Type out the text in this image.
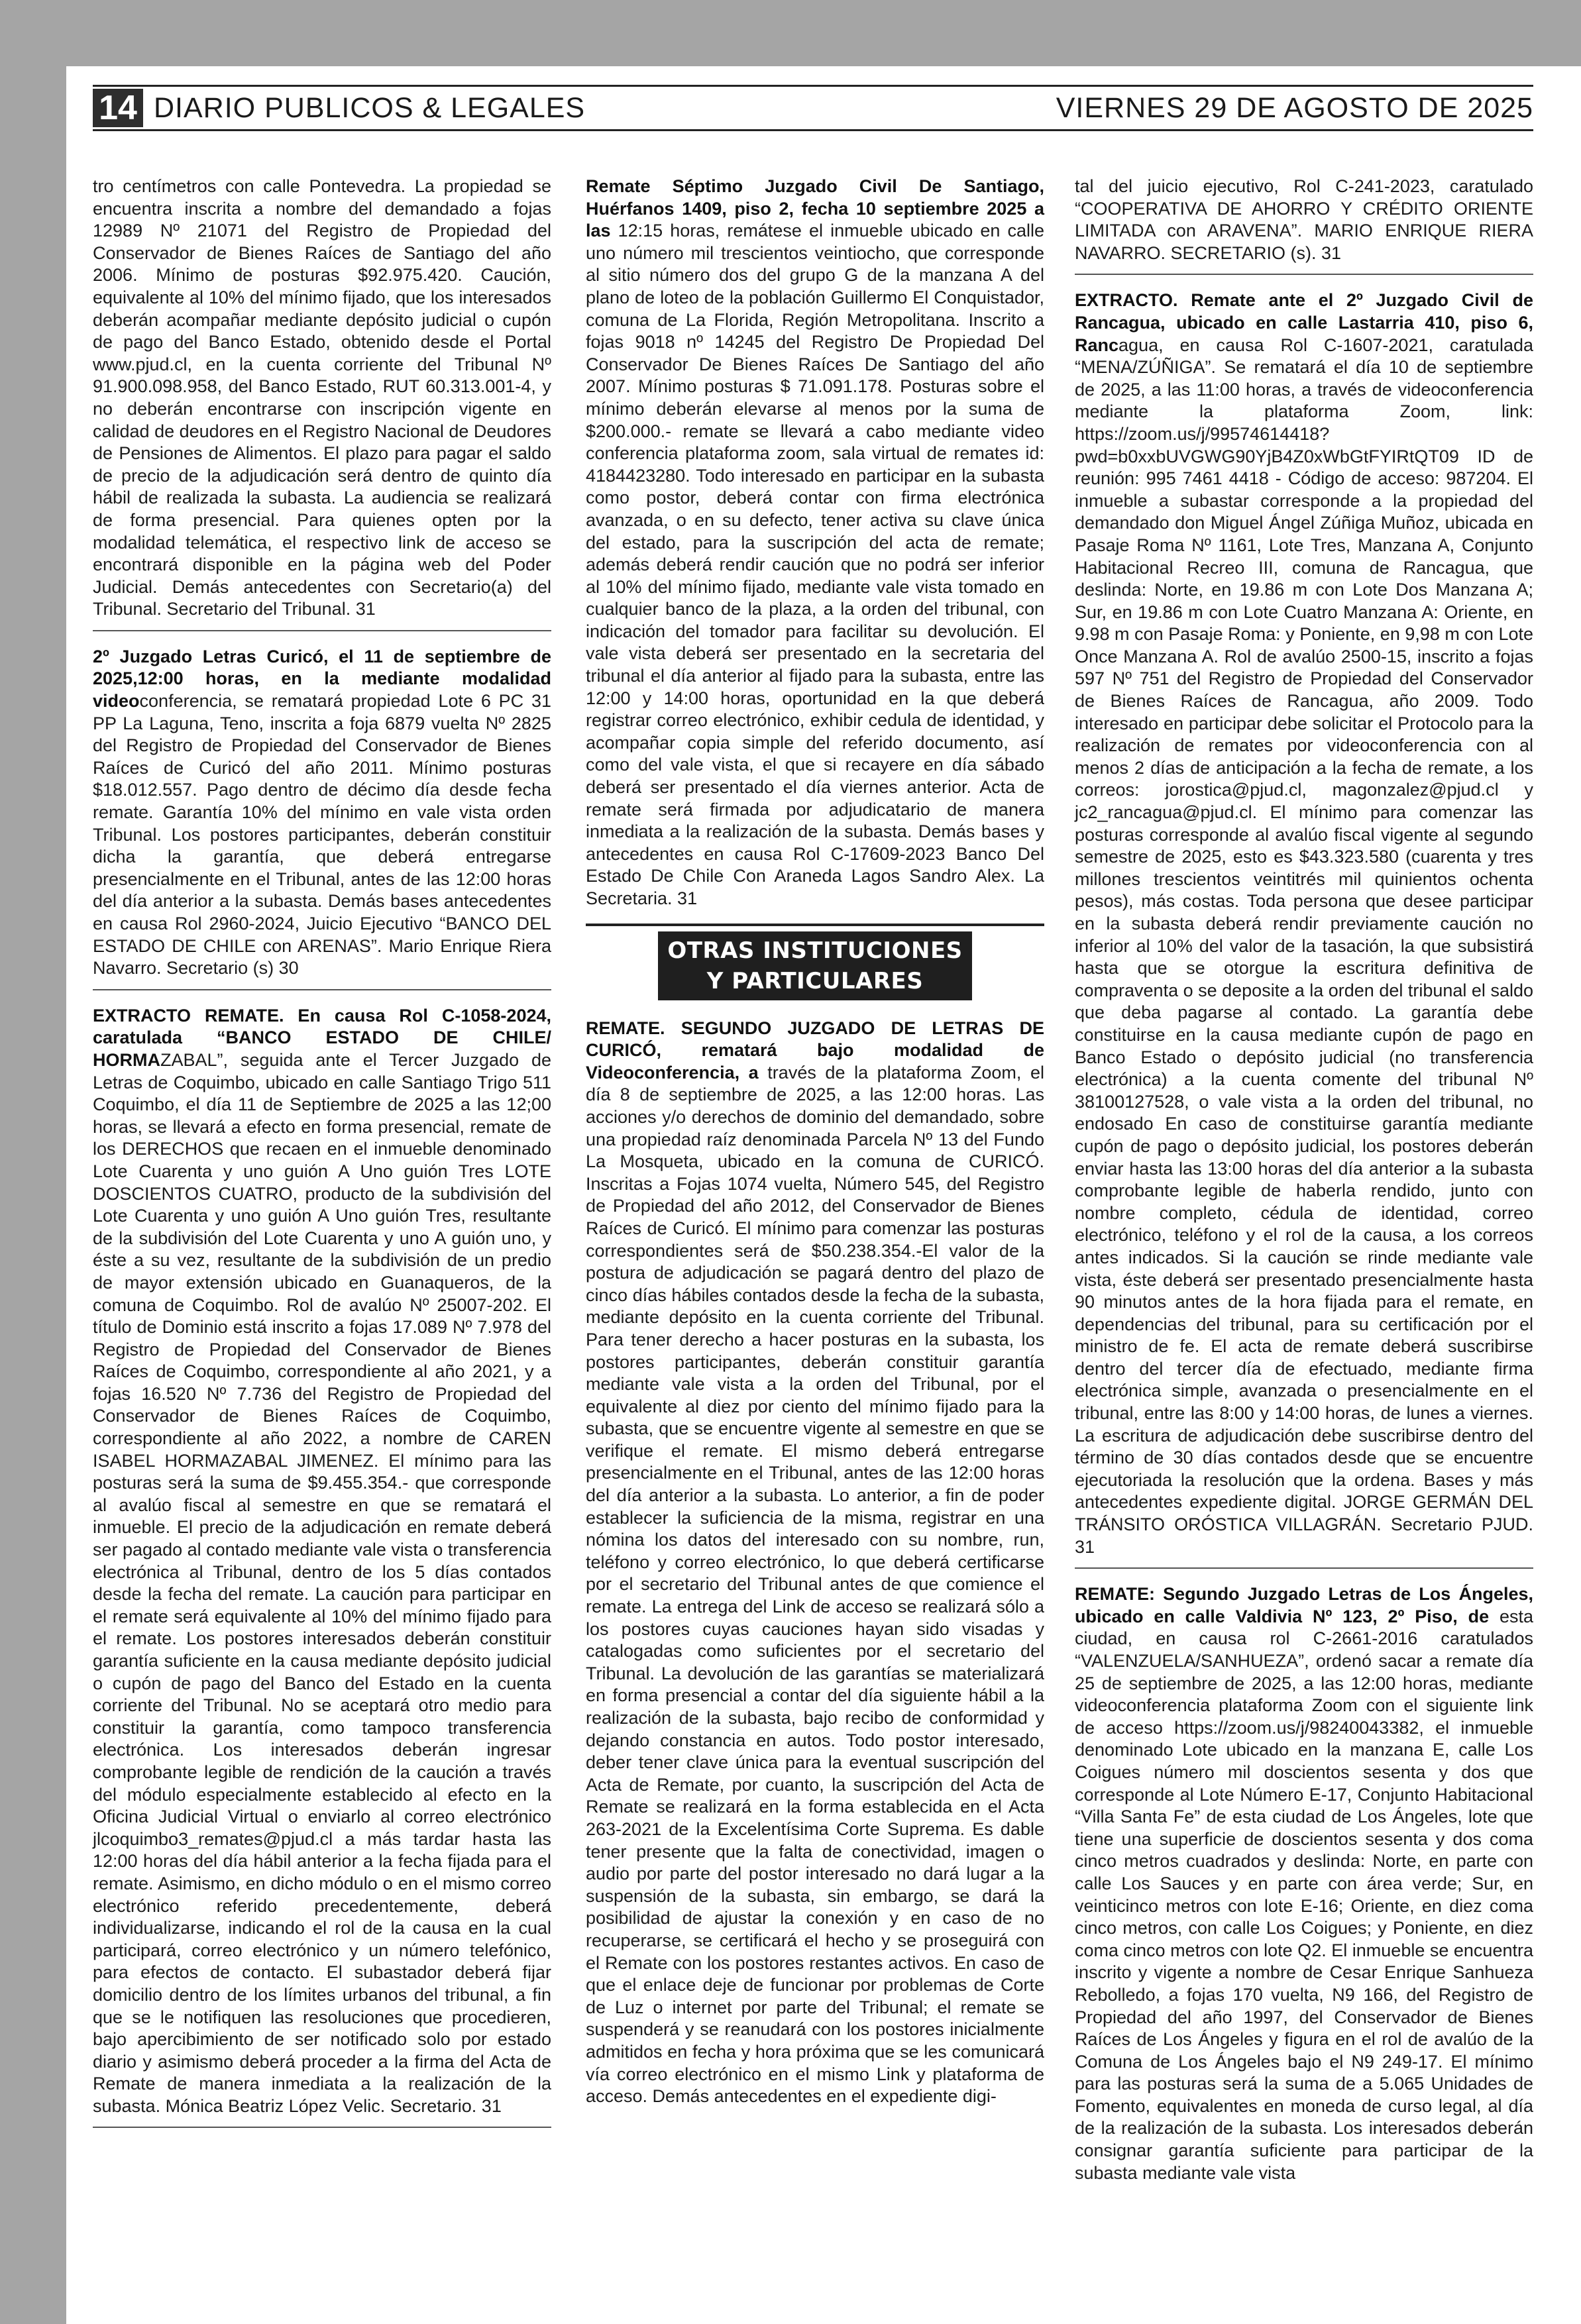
14 DIARIO PUBLICOS & LEGALES	VIERNES 29 DE AGOSTO DE 2025

tro centímetros con calle Pontevedra. La propiedad se encuentra inscrita a nombre del demandado a fojas 12989 Nº 21071 del Registro de Propiedad del Conservador de Bienes Raíces de Santiago del año 2006. Mínimo de posturas $92.975.420. Caución, equivalente al 10% del mínimo fijado, que los interesados deberán acompañar mediante depósito judicial o cupón de pago del Banco Estado, obtenido desde el Portal www.pjud.cl, en la cuenta corriente del Tribunal Nº 91.900.098.958, del Banco Estado, RUT 60.313.001-4, y no deberán encontrarse con inscripción vigente en calidad de deudores en el Registro Nacional de Deudores de Pensiones de Alimentos. El plazo para pagar el saldo de precio de la adjudicación será dentro de quinto día hábil de realizada la subasta. La audiencia se realizará de forma presencial. Para quienes opten por la modalidad telemática, el respectivo link de acceso se encontrará disponible en la página web del Poder Judicial. Demás antecedentes con Secretario(a) del Tribunal. Secretario del Tribunal. 31

2º Juzgado Letras Curicó, el 11 de septiembre de 2025,12:00 horas, en la mediante modalidad videoconferencia, se rematará propiedad Lote 6 PC 31 PP La Laguna, Teno, inscrita a foja 6879 vuelta Nº 2825 del Registro de Propiedad del Conservador de Bienes Raíces de Curicó del año 2011. Mínimo posturas $18.012.557. Pago dentro de décimo día desde fecha remate. Garantía 10% del mínimo en vale vista orden Tribunal. Los postores participantes, deberán constituir dicha la garantía, que deberá entregarse presencialmente en el Tribunal, antes de las 12:00 horas del día anterior a la subasta. Demás bases antecedentes en causa Rol 2960-2024, Juicio Ejecutivo “BANCO DEL ESTADO DE CHILE con ARENAS”. Mario Enrique Riera Navarro. Secretario (s) 30

EXTRACTO REMATE. En causa Rol C-1058-2024, caratulada “BANCO ESTADO DE CHILE/ HORMAZABAL”, seguida ante el Tercer Juzgado de Letras de Coquimbo, ubicado en calle Santiago Trigo 511 Coquimbo, el día 11 de Septiembre de 2025 a las 12;00 horas, se llevará a efecto en forma presencial, remate de los DERECHOS que recaen en el inmueble denominado Lote Cuarenta y uno guión A Uno guión Tres LOTE DOSCIENTOS CUATRO, producto de la subdivisión del Lote Cuarenta y uno guión A Uno guión Tres, resultante de la subdivisión del Lote Cuarenta y uno A guión uno, y éste a su vez, resultante de la subdivisión de un predio de mayor extensión ubicado en Guanaqueros, de la comuna de Coquimbo. Rol de avalúo Nº 25007-202. El título de Dominio está inscrito a fojas 17.089 Nº 7.978 del Registro de Propiedad del Conservador de Bienes Raíces de Coquimbo, correspondiente al año 2021, y a fojas 16.520 Nº 7.736 del Registro de Propiedad del Conservador de Bienes Raíces de Coquimbo, correspondiente al año 2022, a nombre de CAREN ISABEL HORMAZABAL JIMENEZ. El mínimo para las posturas será la suma de $9.455.354.- que corresponde al avalúo fiscal al semestre en que se rematará el inmueble. El precio de la adjudicación en remate deberá ser pagado al contado mediante vale vista o transferencia electrónica al Tribunal, dentro de los 5 días contados desde la fecha del remate. La caución para participar en el remate será equivalente al 10% del mínimo fijado para el remate. Los postores interesados deberán constituir garantía suficiente en la causa mediante depósito judicial o cupón de pago del Banco del Estado en la cuenta corriente del Tribunal. No se aceptará otro medio para constituir la garantía, como tampoco transferencia electrónica. Los interesados deberán ingresar comprobante legible de rendición de la caución a través del módulo especialmente establecido al efecto en la Oficina Judicial Virtual o enviarlo al correo electrónico jlcoquimbo3_remates@pjud.cl a más tardar hasta las 12:00 horas del día hábil anterior a la fecha fijada para el remate. Asimismo, en dicho módulo o en el mismo correo electrónico referido precedentemente, deberá individualizarse, indicando el rol de la causa en la cual participará, correo electrónico y un número telefónico, para efectos de contacto. El subastador deberá fijar domicilio dentro de los límites urbanos del tribunal, a fin que se le notifiquen las resoluciones que procedieren, bajo apercibimiento de ser notificado solo por estado diario y asimismo deberá proceder a la firma del Acta de Remate de manera inmediata a la realización de la subasta. Mónica Beatriz López Velic. Secretario. 31

Remate Séptimo Juzgado Civil De Santiago, Huérfanos 1409, piso 2, fecha 10 septiembre 2025 a las 12:15 horas, remátese el inmueble ubicado en calle uno número mil trescientos veintiocho, que corresponde al sitio número dos del grupo G de la manzana A del plano de loteo de la población Guillermo El Conquistador, comuna de La Florida, Región Metropolitana. Inscrito a fojas 9018 nº 14245 del Registro De Propiedad Del Conservador De Bienes Raíces De Santiago del año 2007. Mínimo posturas $ 71.091.178. Posturas sobre el mínimo deberán elevarse al menos por la suma de $200.000.- remate se llevará a cabo mediante video conferencia plataforma zoom, sala virtual de remates id: 4184423280. Todo interesado en participar en la subasta como postor, deberá contar con firma electrónica avanzada, o en su defecto, tener activa su clave única del estado, para la suscripción del acta de remate; además deberá rendir caución que no podrá ser inferior al 10% del mínimo fijado, mediante vale vista tomado en cualquier banco de la plaza, a la orden del tribunal, con indicación del tomador para facilitar su devolución. El vale vista deberá ser presentado en la secretaria del tribunal el día anterior al fijado para la subasta, entre las 12:00 y 14:00 horas, oportunidad en la que deberá registrar correo electrónico, exhibir cedula de identidad, y acompañar copia simple del referido documento, así como del vale vista, el que si recayere en día sábado deberá ser presentado el día viernes anterior. Acta de remate será firmada por adjudicatario de manera inmediata a la realización de la subasta. Demás bases y antecedentes en causa Rol C-17609-2023 Banco Del Estado De Chile Con Araneda Lagos Sandro Alex. La Secretaria. 31

OTRAS INSTITUCIONES
Y PARTICULARES

REMATE. SEGUNDO JUZGADO DE LETRAS DE CURICÓ, rematará bajo modalidad de Videoconferencia, a través de la plataforma Zoom, el día 8 de septiembre de 2025, a las 12:00 horas. Las acciones y/o derechos de dominio del demandado, sobre una propiedad raíz denominada Parcela Nº 13 del Fundo La Mosqueta, ubicado en la comuna de CURICÓ. Inscritas a Fojas 1074 vuelta, Número 545, del Registro de Propiedad del año 2012, del Conservador de Bienes Raíces de Curicó. El mínimo para comenzar las posturas correspondientes será de $50.238.354.-El valor de la postura de adjudicación se pagará dentro del plazo de cinco días hábiles contados desde la fecha de la subasta, mediante depósito en la cuenta corriente del Tribunal. Para tener derecho a hacer posturas en la subasta, los postores participantes, deberán constituir garantía mediante vale vista a la orden del Tribunal, por el equivalente al diez por ciento del mínimo fijado para la subasta, que se encuentre vigente al semestre en que se verifique el remate. El mismo deberá entregarse presencialmente en el Tribunal, antes de las 12:00 horas del día anterior a la subasta. Lo anterior, a fin de poder establecer la suficiencia de la misma, registrar en una nómina los datos del interesado con su nombre, run, teléfono y correo electrónico, lo que deberá certificarse por el secretario del Tribunal antes de que comience el remate. La entrega del Link de acceso se realizará sólo a los postores cuyas cauciones hayan sido visadas y catalogadas como suficientes por el secretario del Tribunal. La devolución de las garantías se materializará en forma presencial a contar del día siguiente hábil a la realización de la subasta, bajo recibo de conformidad y dejando constancia en autos. Todo postor interesado, deber tener clave única para la eventual suscripción del Acta de Remate, por cuanto, la suscripción del Acta de Remate se realizará en la forma establecida en el Acta 263-2021 de la Excelentísima Corte Suprema. Es dable tener presente que la falta de conectividad, imagen o audio por parte del postor interesado no dará lugar a la suspensión de la subasta, sin embargo, se dará la posibilidad de ajustar la conexión y en caso de no recuperarse, se certificará el hecho y se proseguirá con el Remate con los postores restantes activos. En caso de que el enlace deje de funcionar por problemas de Corte de Luz o internet por parte del Tribunal; el remate se suspenderá y se reanudará con los postores inicialmente admitidos en fecha y hora próxima que se les comunicará vía correo electrónico en el mismo Link y plataforma de acceso. Demás antecedentes en el expediente digi-

tal del juicio ejecutivo, Rol C-241-2023, caratulado “COOPERATIVA DE AHORRO Y CRÉDITO ORIENTE LIMITADA con ARAVENA”. MARIO ENRIQUE RIERA NAVARRO. SECRETARIO (s). 31

EXTRACTO. Remate ante el 2º Juzgado Civil de Rancagua, ubicado en calle Lastarria 410, piso 6, Rancagua, en causa Rol C-1607-2021, caratulada “MENA/ZÚÑIGA”. Se rematará el día 10 de septiembre de 2025, a las 11:00 horas, a través de videoconferencia mediante la plataforma Zoom, link: https://zoom.us/j/99574614418?pwd=b0xxbUVGWG90YjB4Z0xWbGtFYIRtQT09 ID de reunión: 995 7461 4418 - Código de acceso: 987204. El inmueble a subastar corresponde a la propiedad del demandado don Miguel Ángel Zúñiga Muñoz, ubicada en Pasaje Roma Nº 1161, Lote Tres, Manzana A, Conjunto Habitacional Recreo III, comuna de Rancagua, que deslinda: Norte, en 19.86 m con Lote Dos Manzana A; Sur, en 19.86 m con Lote Cuatro Manzana A: Oriente, en 9.98 m con Pasaje Roma: y Poniente, en 9,98 m con Lote Once Manzana A. Rol de avalúo 2500-15, inscrito a fojas 597 Nº 751 del Registro de Propiedad del Conservador de Bienes Raíces de Rancagua, año 2009. Todo interesado en participar debe solicitar el Protocolo para la realización de remates por videoconferencia con al menos 2 días de anticipación a la fecha de remate, a los correos: jorostica@pjud.cl, magonzalez@pjud.cl y jc2_rancagua@pjud.cl. El mínimo para comenzar las posturas corresponde al avalúo fiscal vigente al segundo semestre de 2025, esto es $43.323.580 (cuarenta y tres millones trescientos veintitrés mil quinientos ochenta pesos), más costas. Toda persona que desee participar en la subasta deberá rendir previamente caución no inferior al 10% del valor de la tasación, la que subsistirá hasta que se otorgue la escritura definitiva de compraventa o se deposite a la orden del tribunal el saldo que deba pagarse al contado. La garantía debe constituirse en la causa mediante cupón de pago en Banco Estado o depósito judicial (no transferencia electrónica) a la cuenta comente del tribunal Nº 38100127528, o vale vista a la orden del tribunal, no endosado En caso de constituirse garantía mediante cupón de pago o depósito judicial, los postores deberán enviar hasta las 13:00 horas del día anterior a la subasta comprobante legible de haberla rendido, junto con nombre completo, cédula de identidad, correo electrónico, teléfono y el rol de la causa, a los correos antes indicados. Si la caución se rinde mediante vale vista, éste deberá ser presentado presencialmente hasta 90 minutos antes de la hora fijada para el remate, en dependencias del tribunal, para su certificación por el ministro de fe. El acta de remate deberá suscribirse dentro del tercer día de efectuado, mediante firma electrónica simple, avanzada o presencialmente en el tribunal, entre las 8:00 y 14:00 horas, de lunes a viernes. La escritura de adjudicación debe suscribirse dentro del término de 30 días contados desde que se encuentre ejecutoriada la resolución que la ordena. Bases y más antecedentes expediente digital. JORGE GERMÁN DEL TRÁNSITO ORÓSTICA VILLAGRÁN. Secretario PJUD. 31

REMATE: Segundo Juzgado Letras de Los Ángeles, ubicado en calle Valdivia Nº 123, 2º Piso, de esta ciudad, en causa rol C-2661-2016 caratulados “VALENZUELA/SANHUEZA”, ordenó sacar a remate día 25 de septiembre de 2025, a las 12:00 horas, mediante videoconferencia plataforma Zoom con el siguiente link de acceso https://zoom.us/j/98240043382, el inmueble denominado Lote ubicado en la manzana E, calle Los Coigues número mil doscientos sesenta y dos que corresponde al Lote Número E-17, Conjunto Habitacional “Villa Santa Fe” de esta ciudad de Los Ángeles, lote que tiene una superficie de doscientos sesenta y dos coma cinco metros cuadrados y deslinda: Norte, en parte con calle Los Sauces y en parte con área verde; Sur, en veinticinco metros con lote E-16; Oriente, en diez coma cinco metros, con calle Los Coigues; y Poniente, en diez coma cinco metros con lote Q2. El inmueble se encuentra inscrito y vigente a nombre de Cesar Enrique Sanhueza Rebolledo, a fojas 170 vuelta, N9 166, del Registro de Propiedad del año 1997, del Conservador de Bienes Raíces de Los Ángeles y figura en el rol de avalúo de la Comuna de Los Ángeles bajo el N9 249-17. El mínimo para las posturas será la suma de a 5.065 Unidades de Fomento, equivalentes en moneda de curso legal, al día de la realización de la subasta. Los interesados deberán consignar garantía suficiente para participar de la subasta mediante vale vista
